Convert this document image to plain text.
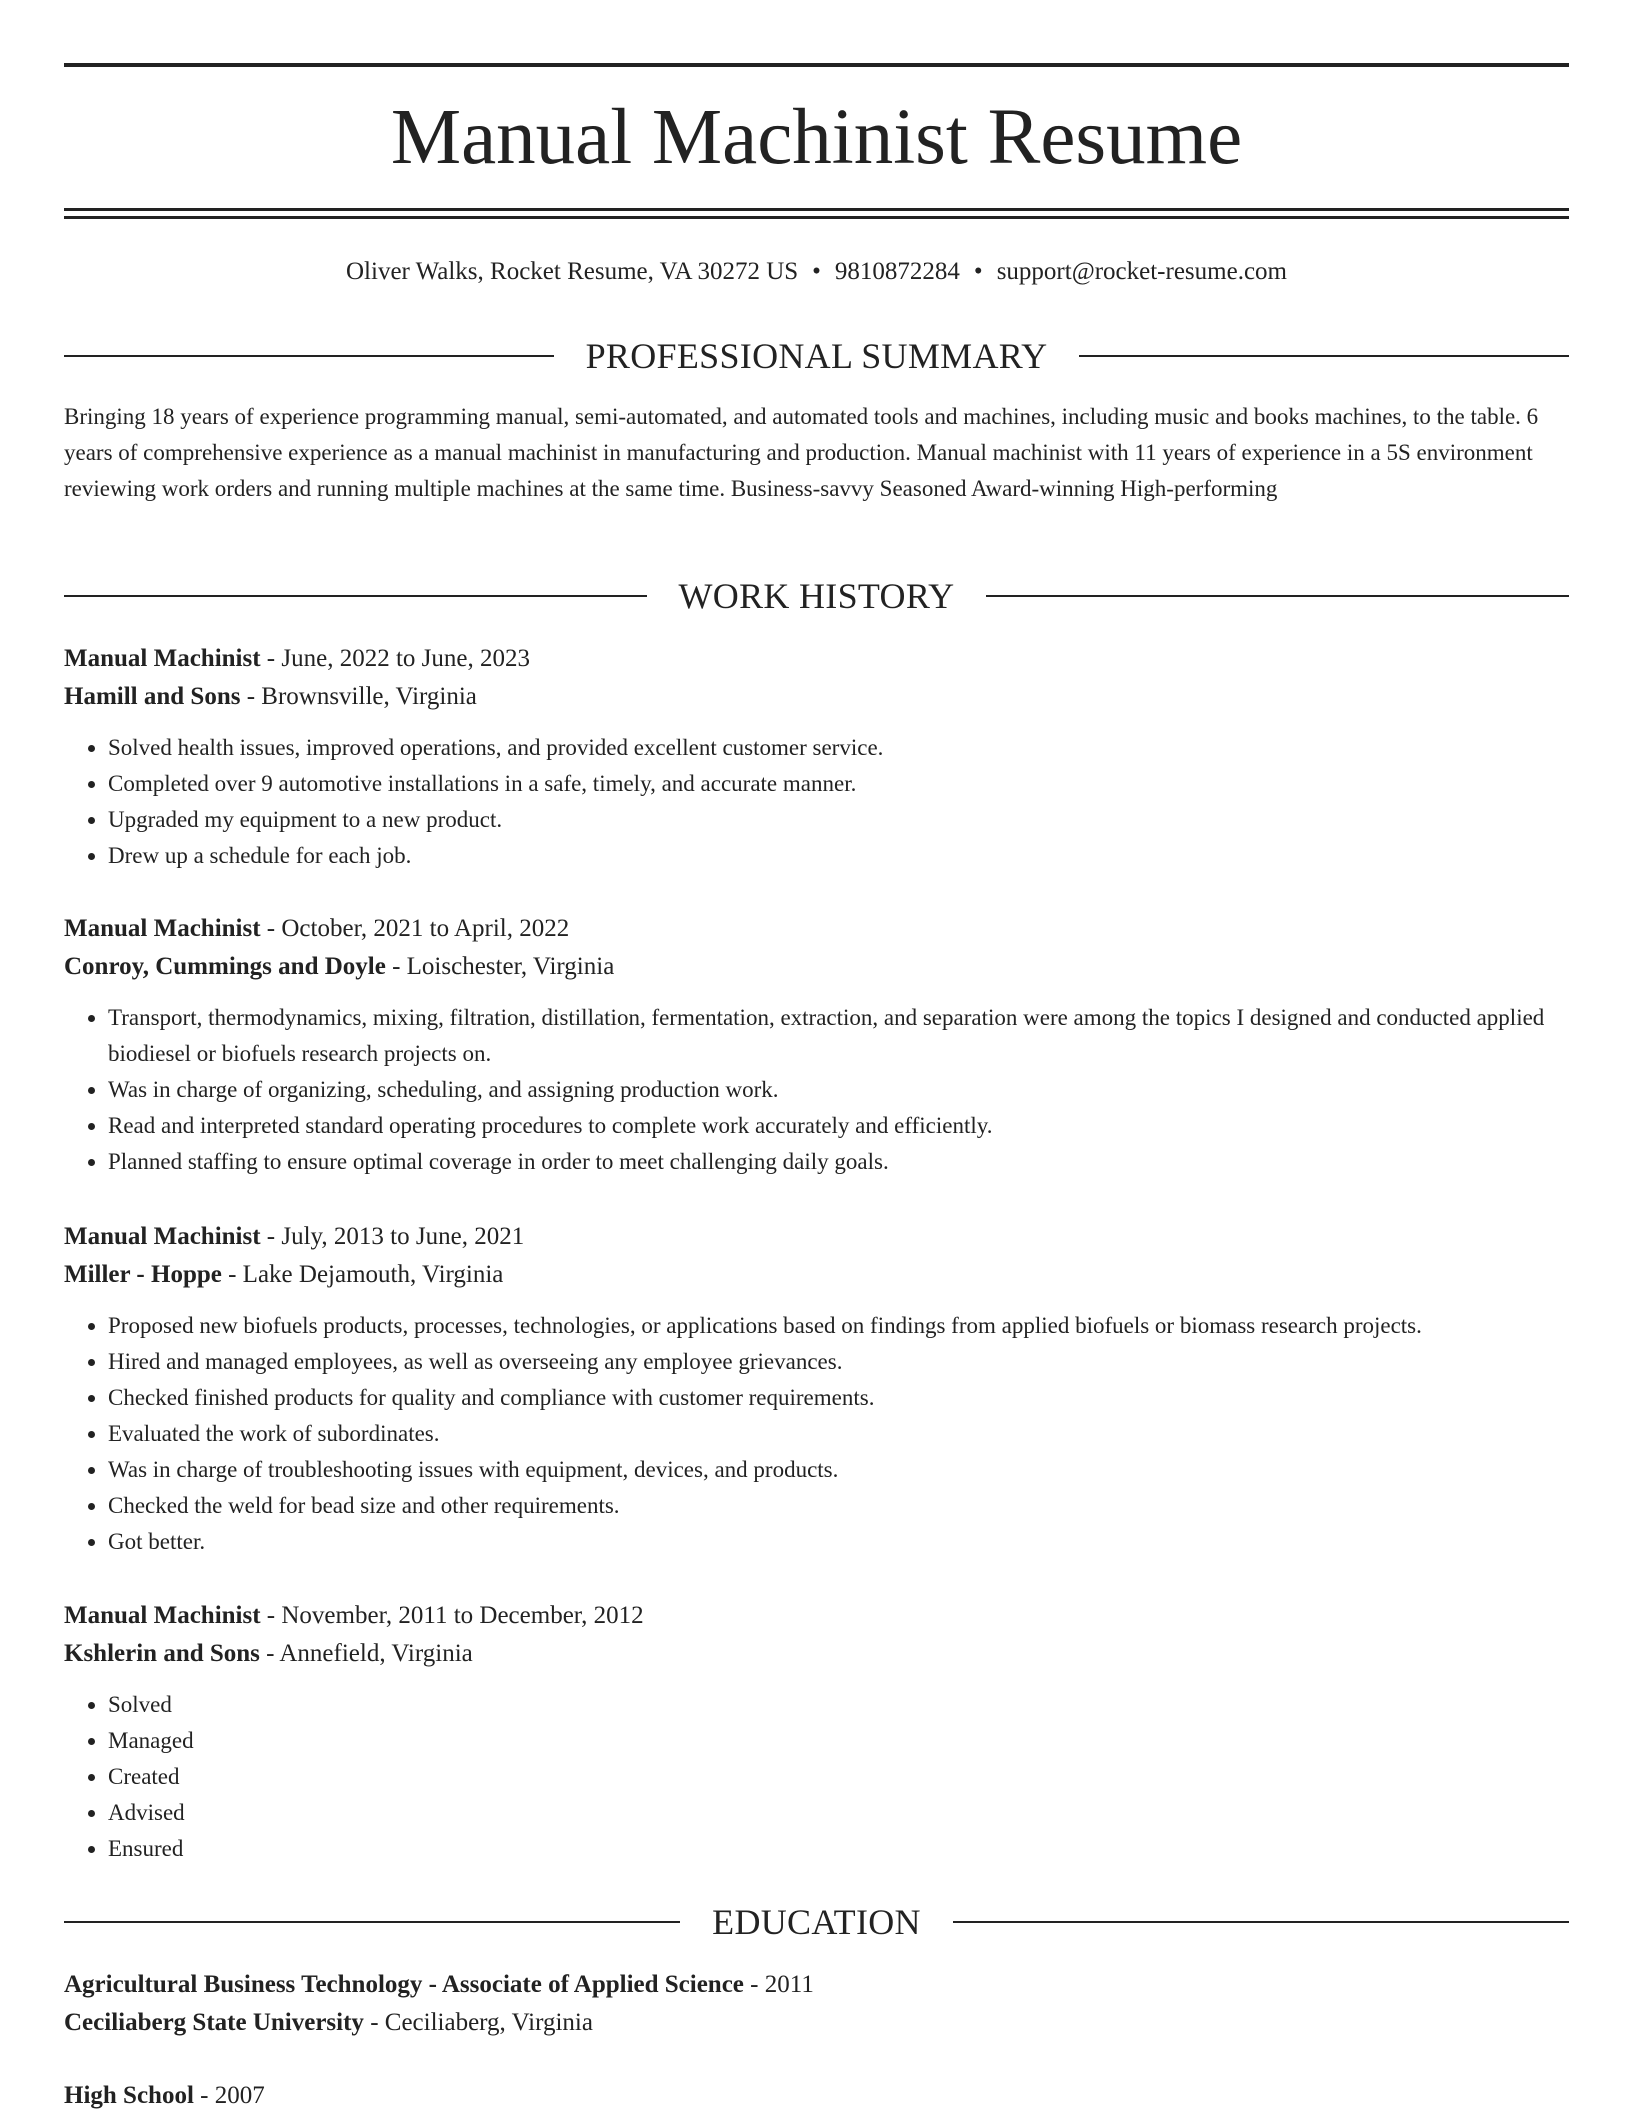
Manual Machinist Resume
Oliver Walks, Rocket Resume, VA 30272 US • 9810872284 • support@rocket-resume.com
PROFESSIONAL SUMMARY

Bringing 18 years of experience programming manual, semi-automated, and automated tools and machines, including music and books machines, to the table. 6 years of comprehensive experience as a manual machinist in manufacturing and production. Manual machinist with 11 years of experience in a 5S environment reviewing work orders and running multiple machines at the same time. Business-savvy Seasoned Award-winning High-performing

WORK HISTORY

Manual Machinist - June, 2022 to June, 2023

Hamill and Sons - Brownsville, Virginia

• Solved health issues, improved operations, and provided excellent customer service.
• Completed over 9 automotive installations in a safe, timely, and accurate manner.
• Upgraded my equipment to a new product.
• Drew up a schedule for each job.

Manual Machinist - October, 2021 to April, 2022

Conroy, Cummings and Doyle - Loischester, Virginia

• Transport, thermodynamics, mixing, filtration, distillation, fermentation, extraction, and separation were among the topics I designed and conducted applied biodiesel or biofuels research projects on.
• Was in charge of organizing, scheduling, and assigning production work.
• Read and interpreted standard operating procedures to complete work accurately and efficiently.
• Planned staffing to ensure optimal coverage in order to meet challenging daily goals.

Manual Machinist - July, 2013 to June, 2021

Miller - Hoppe - Lake Dejamouth, Virginia

• Proposed new biofuels products, processes, technologies, or applications based on findings from applied biofuels or biomass research projects.
• Hired and managed employees, as well as overseeing any employee grievances.
• Checked finished products for quality and compliance with customer requirements.
• Evaluated the work of subordinates.
• Was in charge of troubleshooting issues with equipment, devices, and products.
• Checked the weld for bead size and other requirements.
• Got better.

Manual Machinist - November, 2011 to December, 2012

Kshlerin and Sons - Annefield, Virginia

• Solved
• Managed
• Created
• Advised
• Ensured
EDUCATION

Agricultural Business Technology - Associate of Applied Science - 2011

Ceciliaberg State University - Ceciliaberg, Virginia

High School - 2007
